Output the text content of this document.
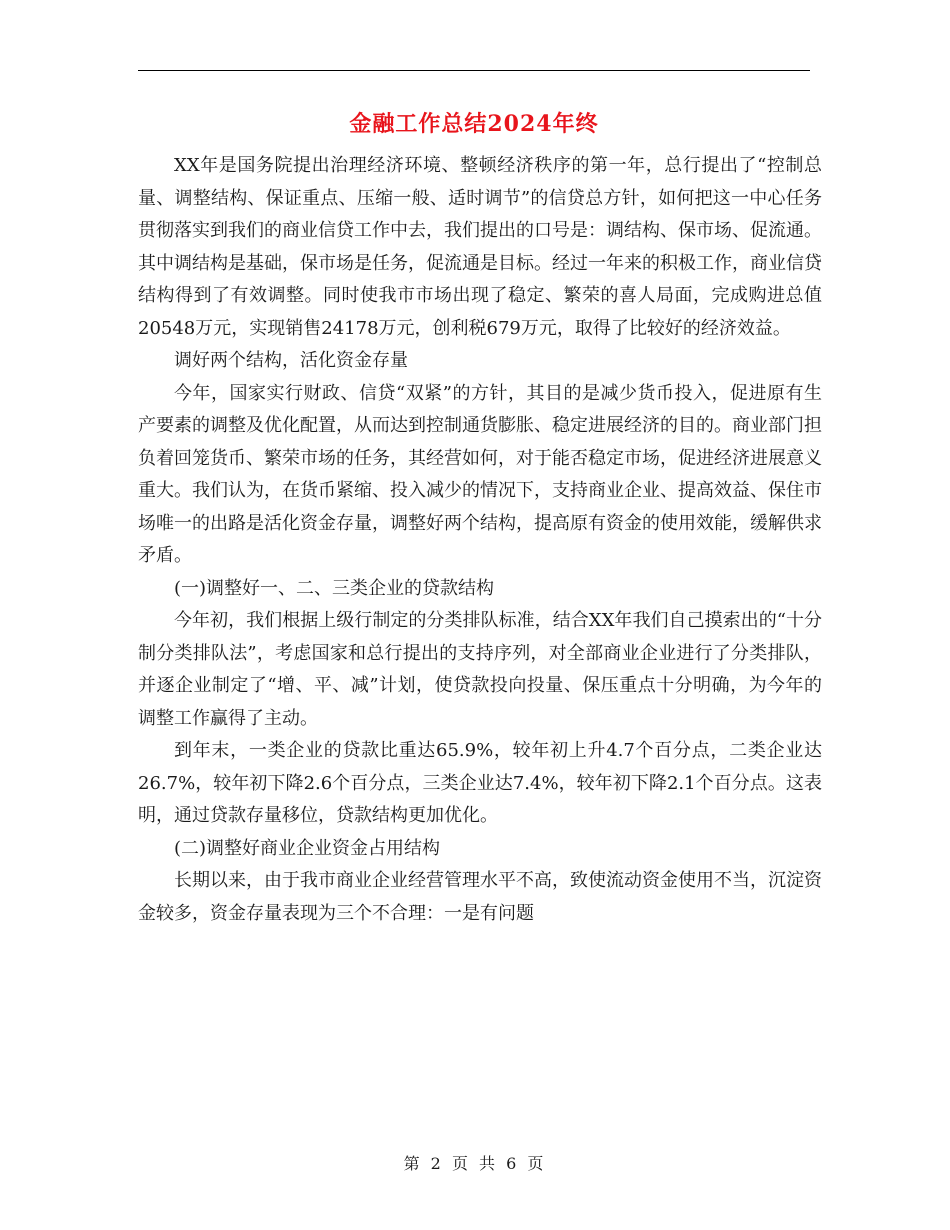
金融工作总结2024年终

XX年是国务院提出治理经济环境、整顿经济秩序的第一年，总行提出了“控制总量、调整结构、保证重点、压缩一般、适时调节”的信贷总方针，如何把这一中心任务贯彻落实到我们的商业信贷工作中去，我们提出的口号是：调结构、保市场、促流通。其中调结构是基础，保市场是任务，促流通是目标。经过一年来的积极工作，商业信贷结构得到了有效调整。同时使我市市场出现了稳定、繁荣的喜人局面，完成购进总值20548万元，实现销售24178万元，创利税679万元，取得了比较好的经济效益。

调好两个结构，活化资金存量

今年，国家实行财政、信贷“双紧”的方针，其目的是减少货币投入，促进原有生产要素的调整及优化配置，从而达到控制通货膨胀、稳定进展经济的目的。商业部门担负着回笼货币、繁荣市场的任务，其经营如何，对于能否稳定市场，促进经济进展意义重大。我们认为，在货币紧缩、投入减少的情况下，支持商业企业、提高效益、保住市场唯一的出路是活化资金存量，调整好两个结构，提高原有资金的使用效能，缓解供求矛盾。

(一)调整好一、二、三类企业的贷款结构

今年初，我们根据上级行制定的分类排队标准，结合XX年我们自己摸索出的“十分制分类排队法”，考虑国家和总行提出的支持序列，对全部商业企业进行了分类排队，并逐企业制定了“增、平、减”计划，使贷款投向投量、保压重点十分明确，为今年的调整工作赢得了主动。

到年末，一类企业的贷款比重达65.9%，较年初上升4.7个百分点，二类企业达26.7%，较年初下降2.6个百分点，三类企业达7.4%，较年初下降2.1个百分点。这表明，通过贷款存量移位，贷款结构更加优化。

(二)调整好商业企业资金占用结构

长期以来，由于我市商业企业经营管理水平不高，致使流动资金使用不当，沉淀资金较多，资金存量表现为三个不合理：一是有问题

第 2 页 共 6 页
